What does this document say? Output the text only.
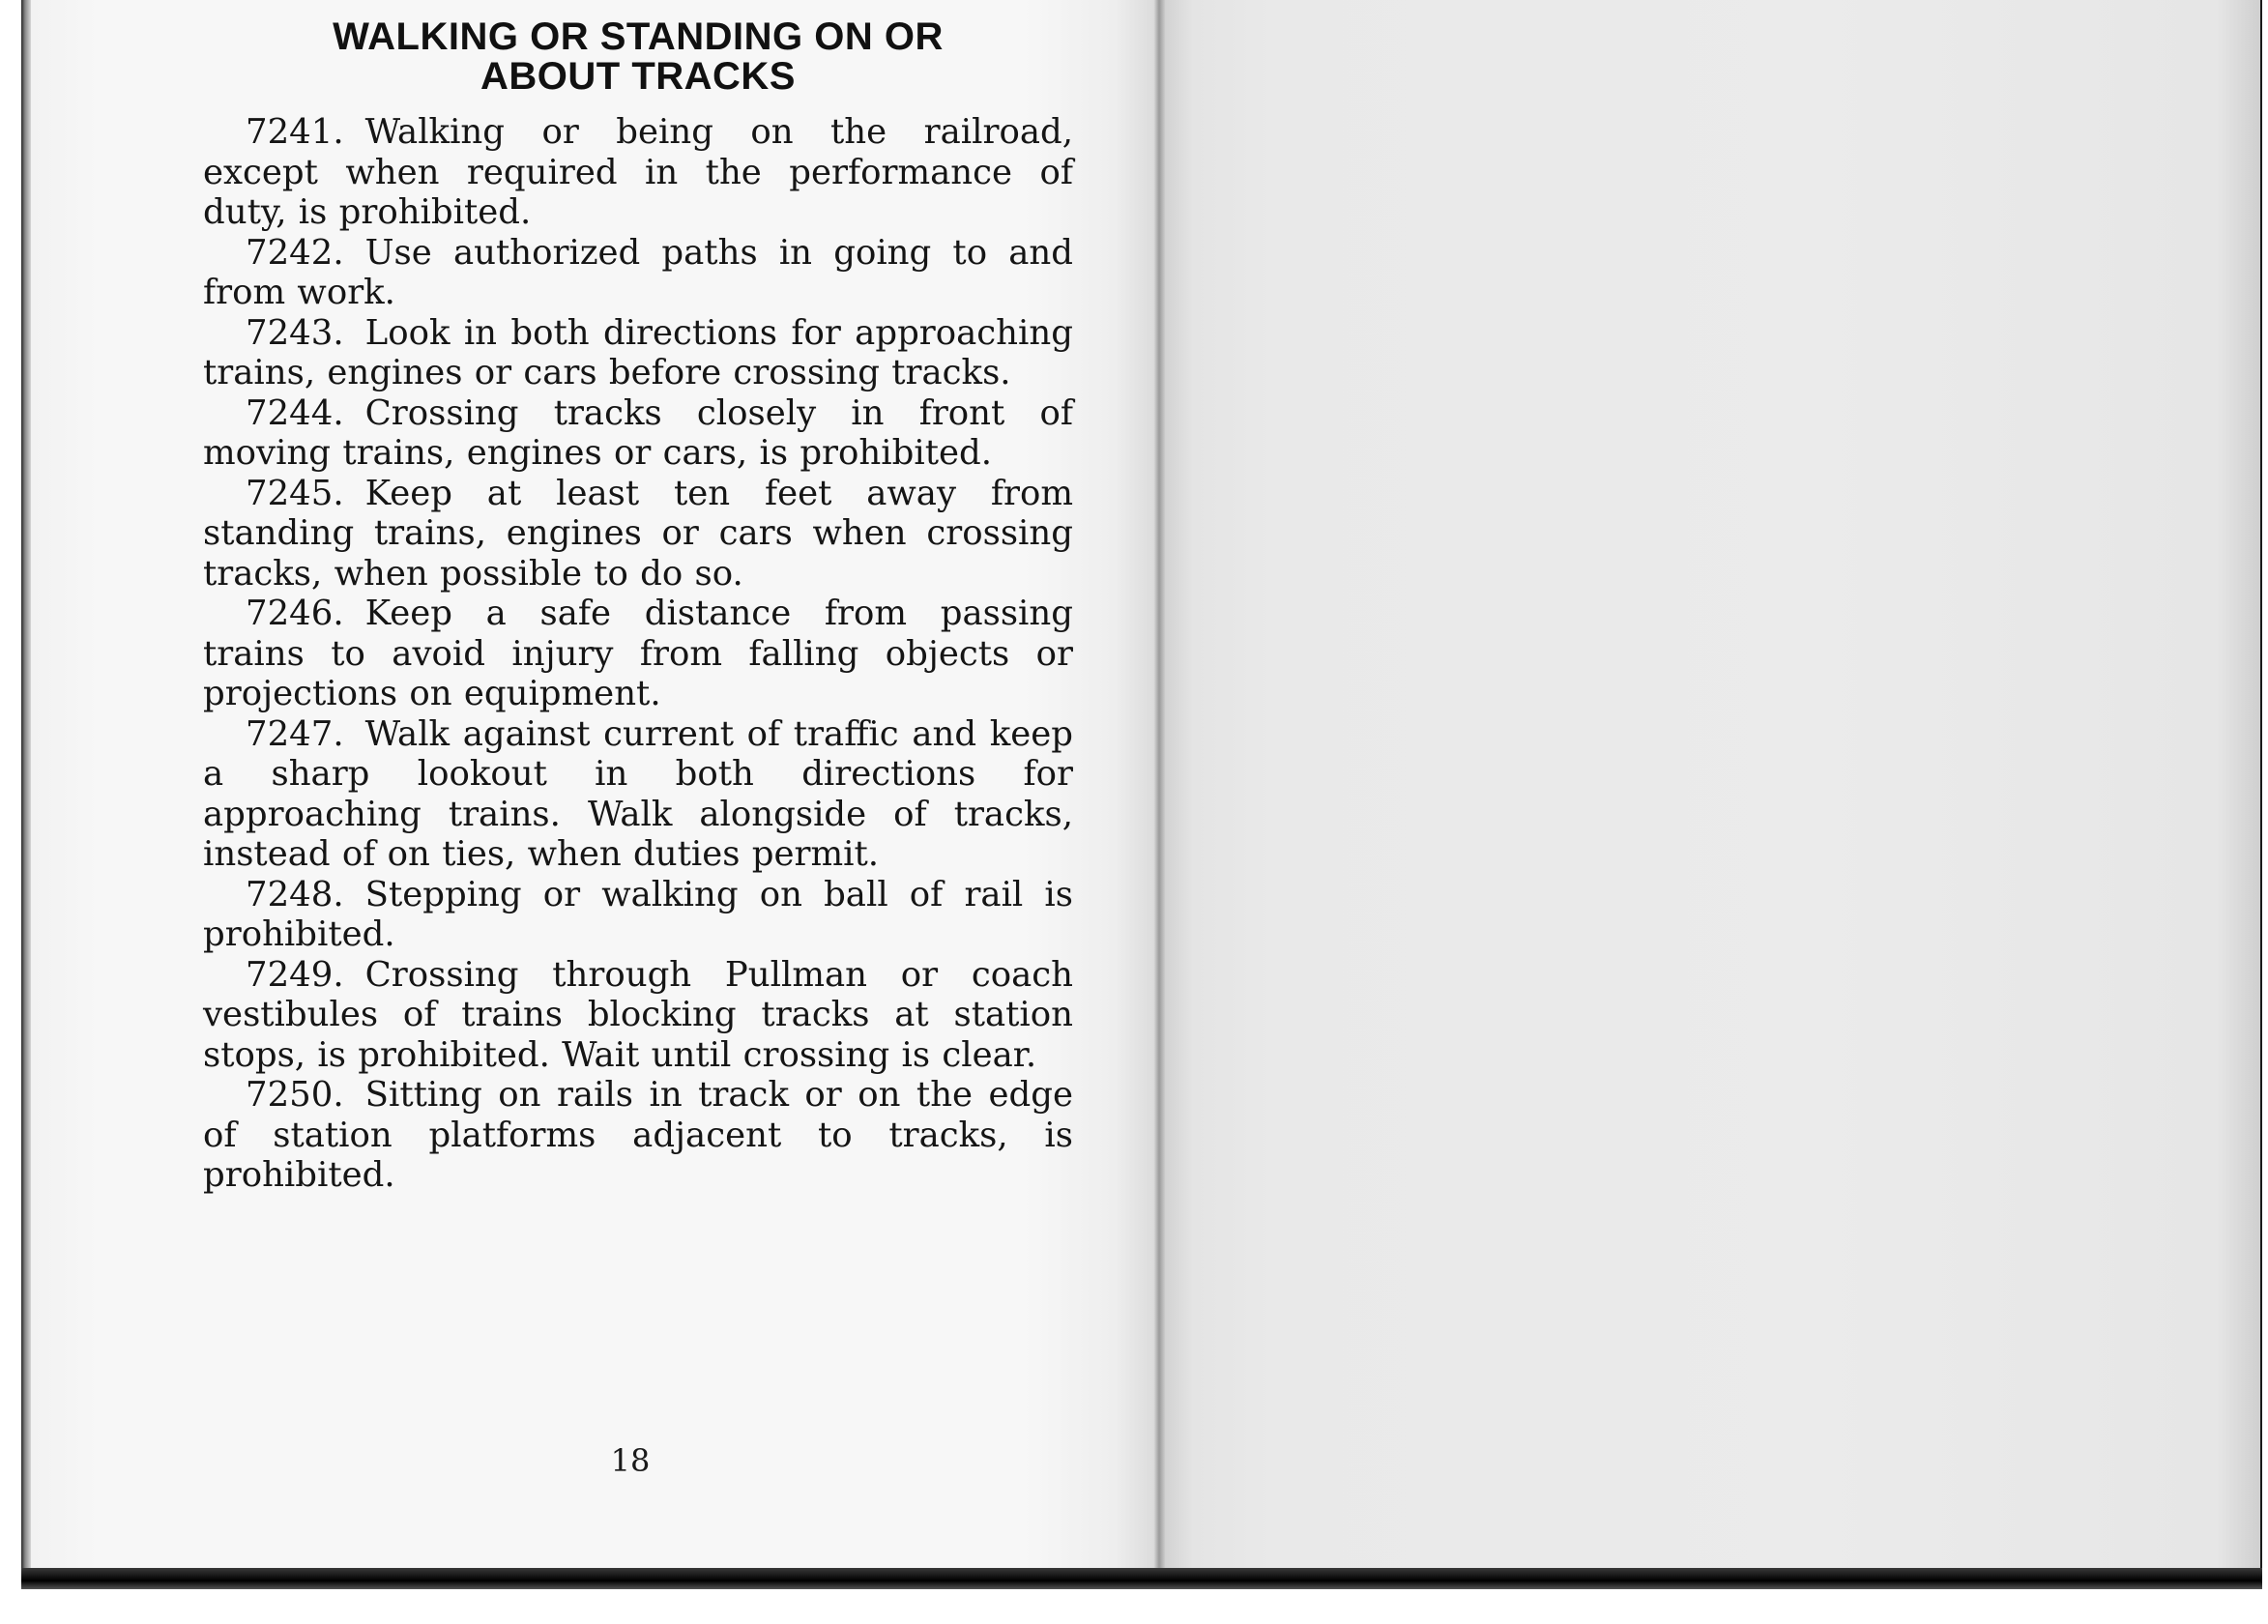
WALKING OR STANDING ON OR
ABOUT TRACKS

7241. Walking or being on the railroad, except when required in the performance of duty, is prohibited.

7242. Use authorized paths in going to and from work.

7243. Look in both directions for approaching trains, engines or cars before crossing tracks.

7244. Crossing tracks closely in front of moving trains, engines or cars, is prohibited.

7245. Keep at least ten feet away from standing trains, engines or cars when crossing tracks, when possible to do so.

7246. Keep a safe distance from passing trains to avoid injury from falling objects or projections on equipment.

7247. Walk against current of traffic and keep a sharp lookout in both directions for approaching trains. Walk alongside of tracks, instead of on ties, when duties permit.

7248. Stepping or walking on ball of rail is prohibited.

7249. Crossing through Pullman or coach vestibules of trains blocking tracks at station stops, is prohibited. Wait until crossing is clear.

7250. Sitting on rails in track or on the edge of station platforms adjacent to tracks, is prohibited.

18
